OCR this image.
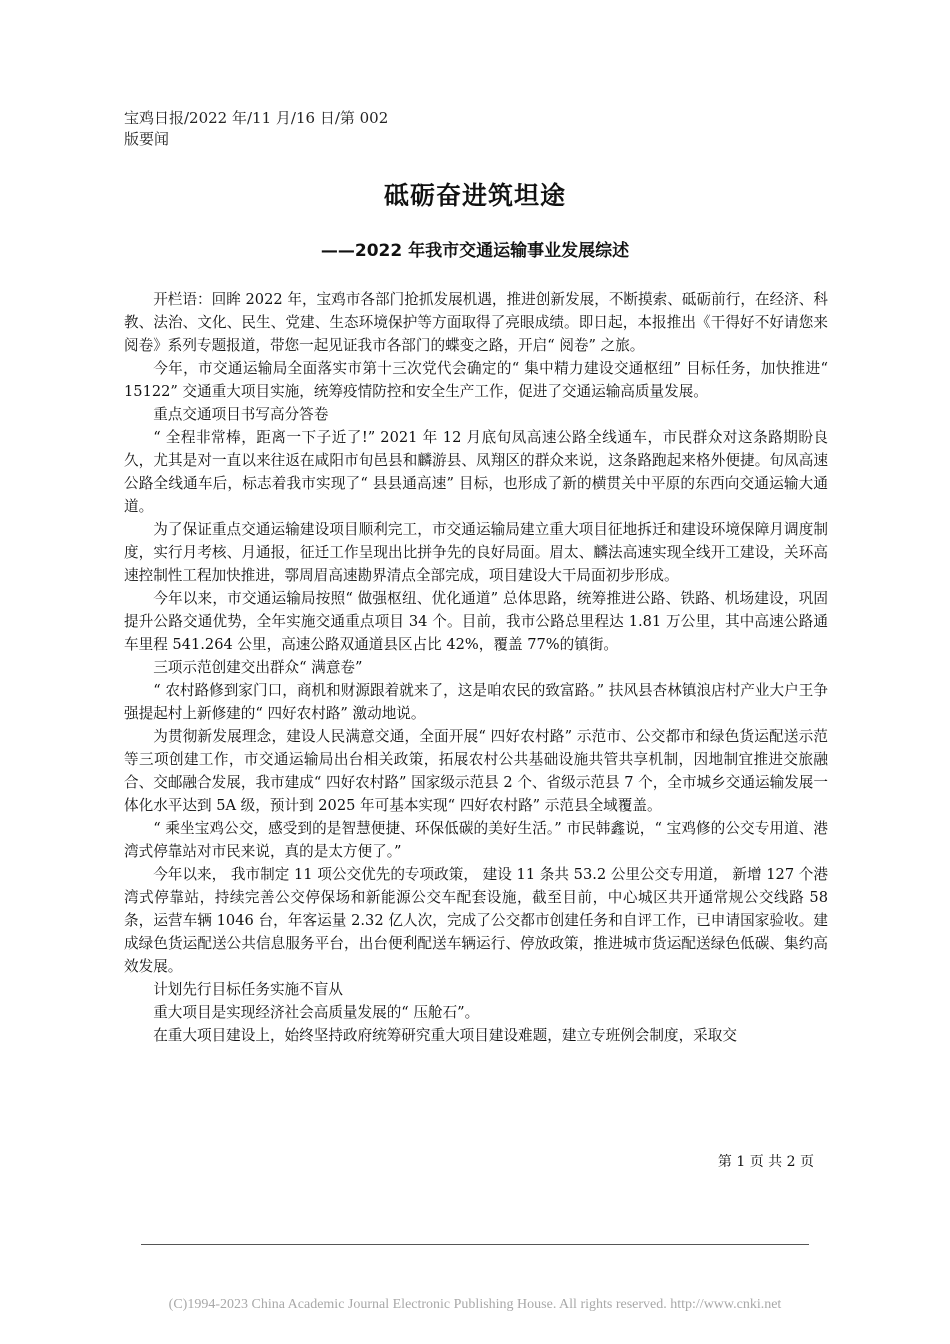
宝鸡日报/2022 年/11 月/16 日/第 002
版要闻
砥砺奋进筑坦途
——2022 年我市交通运输事业发展综述

开栏语：回眸 2022 年，宝鸡市各部门抢抓发展机遇，推进创新发展，不断摸索、砥砺前行，在经济、科教、法治、文化、民生、党建、生态环境保护等方面取得了亮眼成绩。即日起，本报推出《干得好不好请您来阅卷》系列专题报道，带您一起见证我市各部门的蝶变之路，开启“ 阅卷” 之旅。

今年，市交通运输局全面落实市第十三次党代会确定的“ 集中精力建设交通枢纽” 目标任务，加快推进“ 15122” 交通重大项目实施，统筹疫情防控和安全生产工作，促进了交通运输高质量发展。

重点交通项目书写高分答卷

“ 全程非常棒，距离一下子近了!” 2021 年 12 月底旬凤高速公路全线通车，市民群众对这条路期盼良久，尤其是对一直以来往返在咸阳市旬邑县和麟游县、凤翔区的群众来说，这条路跑起来格外便捷。旬凤高速公路全线通车后，标志着我市实现了“ 县县通高速” 目标，也形成了新的横贯关中平原的东西向交通运输大通道。

为了保证重点交通运输建设项目顺利完工，市交通运输局建立重大项目征地拆迁和建设环境保障月调度制度，实行月考核、月通报，征迁工作呈现出比拼争先的良好局面。眉太、麟法高速实现全线开工建设，关环高速控制性工程加快推进，鄠周眉高速勘界清点全部完成，项目建设大干局面初步形成。

今年以来，市交通运输局按照“ 做强枢纽、优化通道” 总体思路，统筹推进公路、铁路、机场建设，巩固提升公路交通优势，全年实施交通重点项目 34 个。目前，我市公路总里程达 1.81 万公里，其中高速公路通车里程 541.264 公里，高速公路双通道县区占比 42%，覆盖 77%的镇街。

三项示范创建交出群众“ 满意卷”

“ 农村路修到家门口，商机和财源跟着就来了，这是咱农民的致富路。” 扶风县杏林镇浪店村产业大户王争强提起村上新修建的“ 四好农村路” 激动地说。

为贯彻新发展理念，建设人民满意交通，全面开展“ 四好农村路” 示范市、公交都市和绿色货运配送示范等三项创建工作，市交通运输局出台相关政策，拓展农村公共基础设施共管共享机制，因地制宜推进交旅融合、交邮融合发展，我市建成“ 四好农村路” 国家级示范县 2 个、省级示范县 7 个，全市城乡交通运输发展一体化水平达到 5A 级，预计到 2025 年可基本实现“ 四好农村路” 示范县全域覆盖。

“ 乘坐宝鸡公交，感受到的是智慧便捷、环保低碳的美好生活。” 市民韩鑫说，“ 宝鸡修的公交专用道、港湾式停靠站对市民来说，真的是太方便了。”

今年以来， 我市制定 11 项公交优先的专项政策， 建设 11 条共 53.2 公里公交专用道， 新增 127 个港湾式停靠站，持续完善公交停保场和新能源公交车配套设施，截至目前，中心城区共开通常规公交线路 58 条，运营车辆 1046 台，年客运量 2.32 亿人次，完成了公交都市创建任务和自评工作，已申请国家验收。建成绿色货运配送公共信息服务平台，出台便利配送车辆运行、停放政策，推进城市货运配送绿色低碳、集约高效发展。

计划先行目标任务实施不盲从

重大项目是实现经济社会高质量发展的“ 压舱石”。

在重大项目建设上，始终坚持政府统筹研究重大项目建设难题，建立专班例会制度，采取交

第 1 页 共 2 页
(C)1994-2023 China Academic Journal Electronic Publishing House. All rights reserved. http://www.cnki.net
